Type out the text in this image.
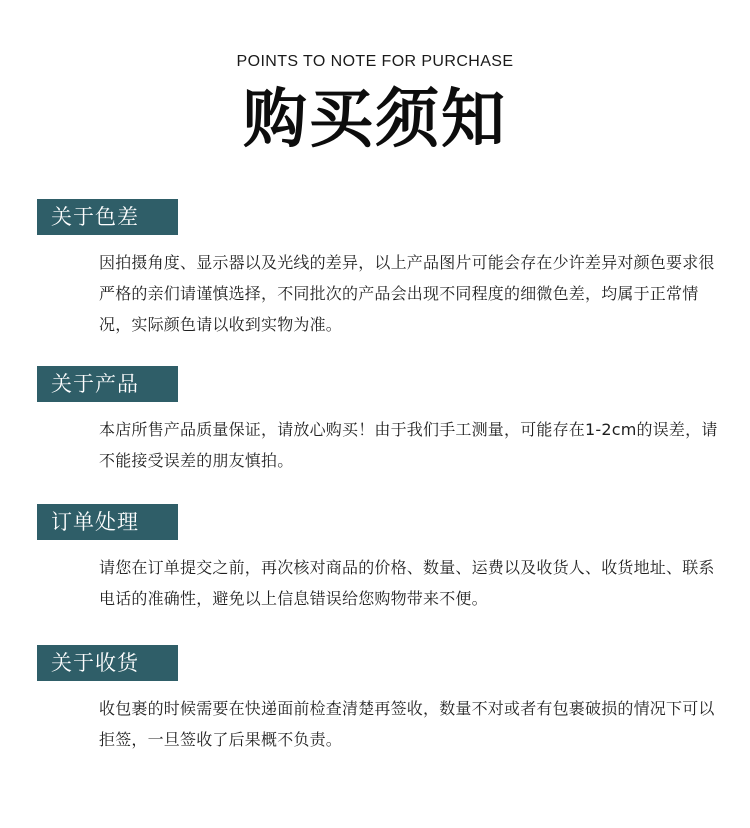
POINTS TO NOTE FOR PURCHASE
购买须知
关于色差

因拍摄角度、显示器以及光线的差异，以上产品图片可能会存在少许差异对颜色要求很严格的亲们请谨慎选择，不同批次的产品会出现不同程度的细微色差，均属于正常情况，实际颜色请以收到实物为准。

关于产品

本店所售产品质量保证，请放心购买！由于我们手工测量，可能存在1-2cm的误差，请不能接受误差的朋友慎拍。

订单处理

请您在订单提交之前，再次核对商品的价格、数量、运费以及收货人、收货地址、联系电话的准确性，避免以上信息错误给您购物带来不便。

关于收货

收包裹的时候需要在快递面前检查清楚再签收，数量不对或者有包裹破损的情况下可以拒签，一旦签收了后果概不负责。
